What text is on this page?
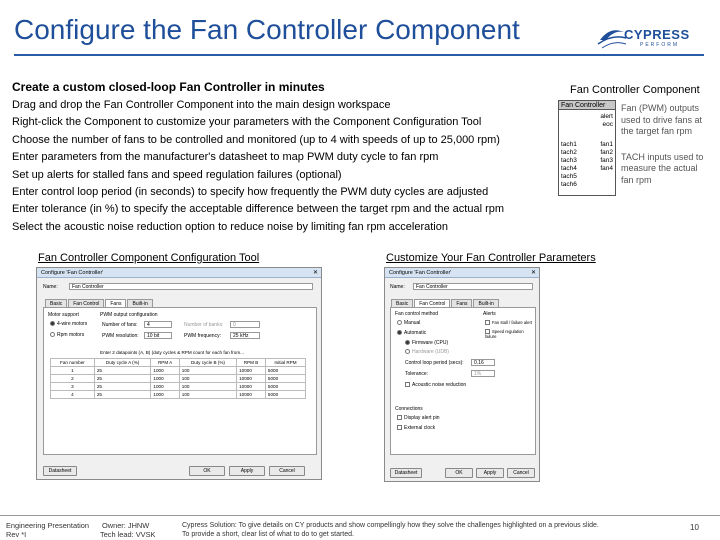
Configure the Fan Controller Component	CYPRESS
PERFORM
Create a custom closed-loop Fan Controller in minutes
Drag and drop the Fan Controller Component into the main design workspace
Right-click the Component to customize your parameters with the Component Configuration Tool
Choose the number of fans to be controlled and monitored (up to 4 with speeds of up to 25,000 rpm)
Enter parameters from the manufacturer's datasheet to map PWM duty cycle to fan rpm
Set up alerts for stalled fans and speed regulation failures (optional)
Enter control loop period (in seconds) to specify how frequently the PWM duty cycles are adjusted
Enter tolerance (in %) to specify the acceptable difference between the target rpm and the actual rpm
Select the acoustic noise reduction option to reduce noise by limiting fan rpm acceleration
Fan Controller Component
Fan Controller
alert
eoc
tach1
tach2
tach3
tach4
tach5
tach6
fan1
fan2
fan3
fan4
Fan (PWM) outputs used to drive fans at the target fan rpm
TACH inputs used to measure the actual fan rpm
Fan Controller Component Configuration Tool	Customize Your Fan Controller Parameters
Configure 'Fan Controller'	✕
Name:	Fan Controller
Basic	Fan Control	Fans	Built-in
Motor support
4-wire motors
Rpm motors
PWM output configuration
Number of fans:	4
PWM resolution:	10 bit
Number of banks:	0
PWM frequency:	25 kHz
Enter 2 datapoints (A, B) (duty cycles & RPM count for each fan from...
Fan number	Duty cycle A (%)	RPM A	Duty cycle B (%)	RPM B	Initial RPM
1	25	1000	100	10000	5000
2	25	1000	100	10000	5000
3	25	1000	100	10000	5000
4	25	1000	100	10000	5000
Datasheet	OK	Apply	Cancel
Configure 'Fan Controller'	✕
Name:	Fan Controller
Basic	Fan Control	Fans	Built-in
Fan control method
Manual
Automatic
Firmware (CPU)
Hardware (UDB)
Control loop period (secs):	0.16
Tolerance:	1%
Acoustic noise reduction
Alerts
Fan stall / failure alert
Speed regulation failure
Connections
Display alert pin
External clock
Datasheet	OK	Apply	Cancel
Engineering Presentation Owner: JHNW
Rev *I	Tech lead: VVSK
Cypress Solution: To give details on CY products and show compellingly how they solve the challenges highlighted on a previous slide.
To provide a short, clear list of what to do to get started.
10
